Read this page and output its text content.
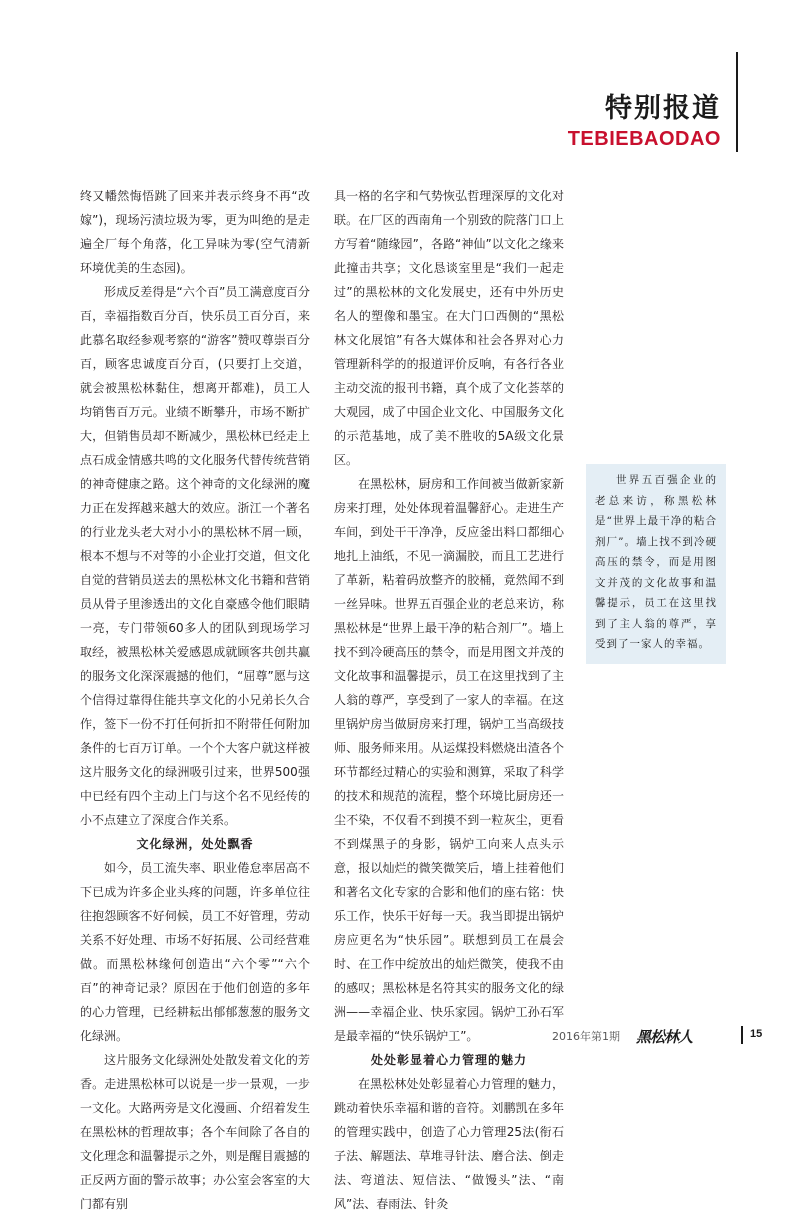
特别报道
TEBIEBAODAO

终又幡然悔悟跳了回来并表示终身不再“改嫁”)，现场污渍垃圾为零，更为叫绝的是走遍全厂每个角落，化工异味为零(空气清新环境优美的生态园)。

形成反差得是“六个百”员工满意度百分百，幸福指数百分百，快乐员工百分百，来此慕名取经参观考察的“游客”赞叹尊崇百分百，顾客忠诚度百分百，(只要打上交道，就会被黑松林黏住，想离开都难)，员工人均销售百万元。业绩不断攀升，市场不断扩大，但销售员却不断减少，黑松林已经走上点石成金情感共鸣的文化服务代替传统营销的神奇健康之路。这个神奇的文化绿洲的魔力正在发挥越来越大的效应。浙江一个著名的行业龙头老大对小小的黑松林不屑一顾，根本不想与不对等的小企业打交道，但文化自觉的营销员送去的黑松林文化书籍和营销员从骨子里渗透出的文化自豪感令他们眼睛一亮，专门带领60多人的团队到现场学习取经，被黑松林关爱感恩成就顾客共创共赢的服务文化深深震撼的他们，“屈尊”愿与这个信得过靠得住能共享文化的小兄弟长久合作，签下一份不打任何折扣不附带任何附加条件的七百万订单。一个个大客户就这样被这片服务文化的绿洲吸引过来，世界500强中已经有四个主动上门与这个名不见经传的小不点建立了深度合作关系。

文化绿洲，处处飘香

如今，员工流失率、职业倦怠率居高不下已成为许多企业头疼的问题，许多单位往往抱怨顾客不好伺候，员工不好管理，劳动关系不好处理、市场不好拓展、公司经营难做。而黑松林缘何创造出“六个零”“六个百”的神奇记录？原因在于他们创造的多年的心力管理，已经耕耘出郁郁葱葱的服务文化绿洲。

这片服务文化绿洲处处散发着文化的芳香。走进黑松林可以说是一步一景观，一步一文化。大路两旁是文化漫画、介绍着发生在黑松林的哲理故事；各个车间除了各自的文化理念和温馨提示之外，则是醒目震撼的正反两方面的警示故事；办公室会客室的大门都有别

具一格的名字和气势恢弘哲理深厚的文化对联。在厂区的西南角一个别致的院落门口上方写着“随缘园”，各路“神仙”以文化之缘来此撞击共享；文化恳谈室里是“我们一起走过”的黑松林的文化发展史，还有中外历史名人的塑像和墨宝。在大门口西侧的“黑松林文化展馆”有各大媒体和社会各界对心力管理新科学的的报道评价反响，有各行各业主动交流的报刊书籍，真个成了文化荟萃的大观园，成了中国企业文化、中国服务文化的示范基地，成了美不胜收的5A级文化景区。

在黑松林，厨房和工作间被当做新家新房来打理，处处体现着温馨舒心。走进生产车间，到处干干净净，反应釜出料口都细心地扎上油纸，不见一滴漏胶，而且工艺进行了革新，粘着码放整齐的胶桶，竟然闻不到一丝异味。世界五百强企业的老总来访，称黑松林是“世界上最干净的粘合剂厂”。墙上找不到冷硬高压的禁令，而是用图文并茂的文化故事和温馨提示，员工在这里找到了主人翁的尊严，享受到了一家人的幸福。在这里锅炉房当做厨房来打理，锅炉工当高级技师、服务师来用。从运煤投料燃烧出渣各个环节都经过精心的实验和测算，采取了科学的技术和规范的流程，整个环境比厨房还一尘不染，不仅看不到摸不到一粒灰尘，更看不到煤黑子的身影，锅炉工向来人点头示意，报以灿烂的微笑微笑后，墙上挂着他们和著名文化专家的合影和他们的座右铭：快乐工作，快乐干好每一天。我当即提出锅炉房应更名为“快乐园”。联想到员工在晨会时、在工作中绽放出的灿烂微笑，使我不由的感叹；黑松林是名符其实的服务文化的绿洲——幸福企业、快乐家园。锅炉工孙石军是最幸福的“快乐锅炉工”。

处处彰显着心力管理的魅力

在黑松林处处彰显着心力管理的魅力，跳动着快乐幸福和谐的音符。刘鹏凯在多年的管理实践中，创造了心力管理25法(衔石子法、解题法、草堆寻针法、磨合法、倒走法、弯道法、短信法、“做馒头”法、“南风”法、春雨法、针灸

世界五百强企业的老总来访，称黑松林是“世界上最干净的粘合剂厂”。墙上找不到冷硬高压的禁令，而是用图文并茂的文化故事和温馨提示，员工在这里找到了主人翁的尊严，享受到了一家人的幸福。

2016年第1期 黑松林人	15
